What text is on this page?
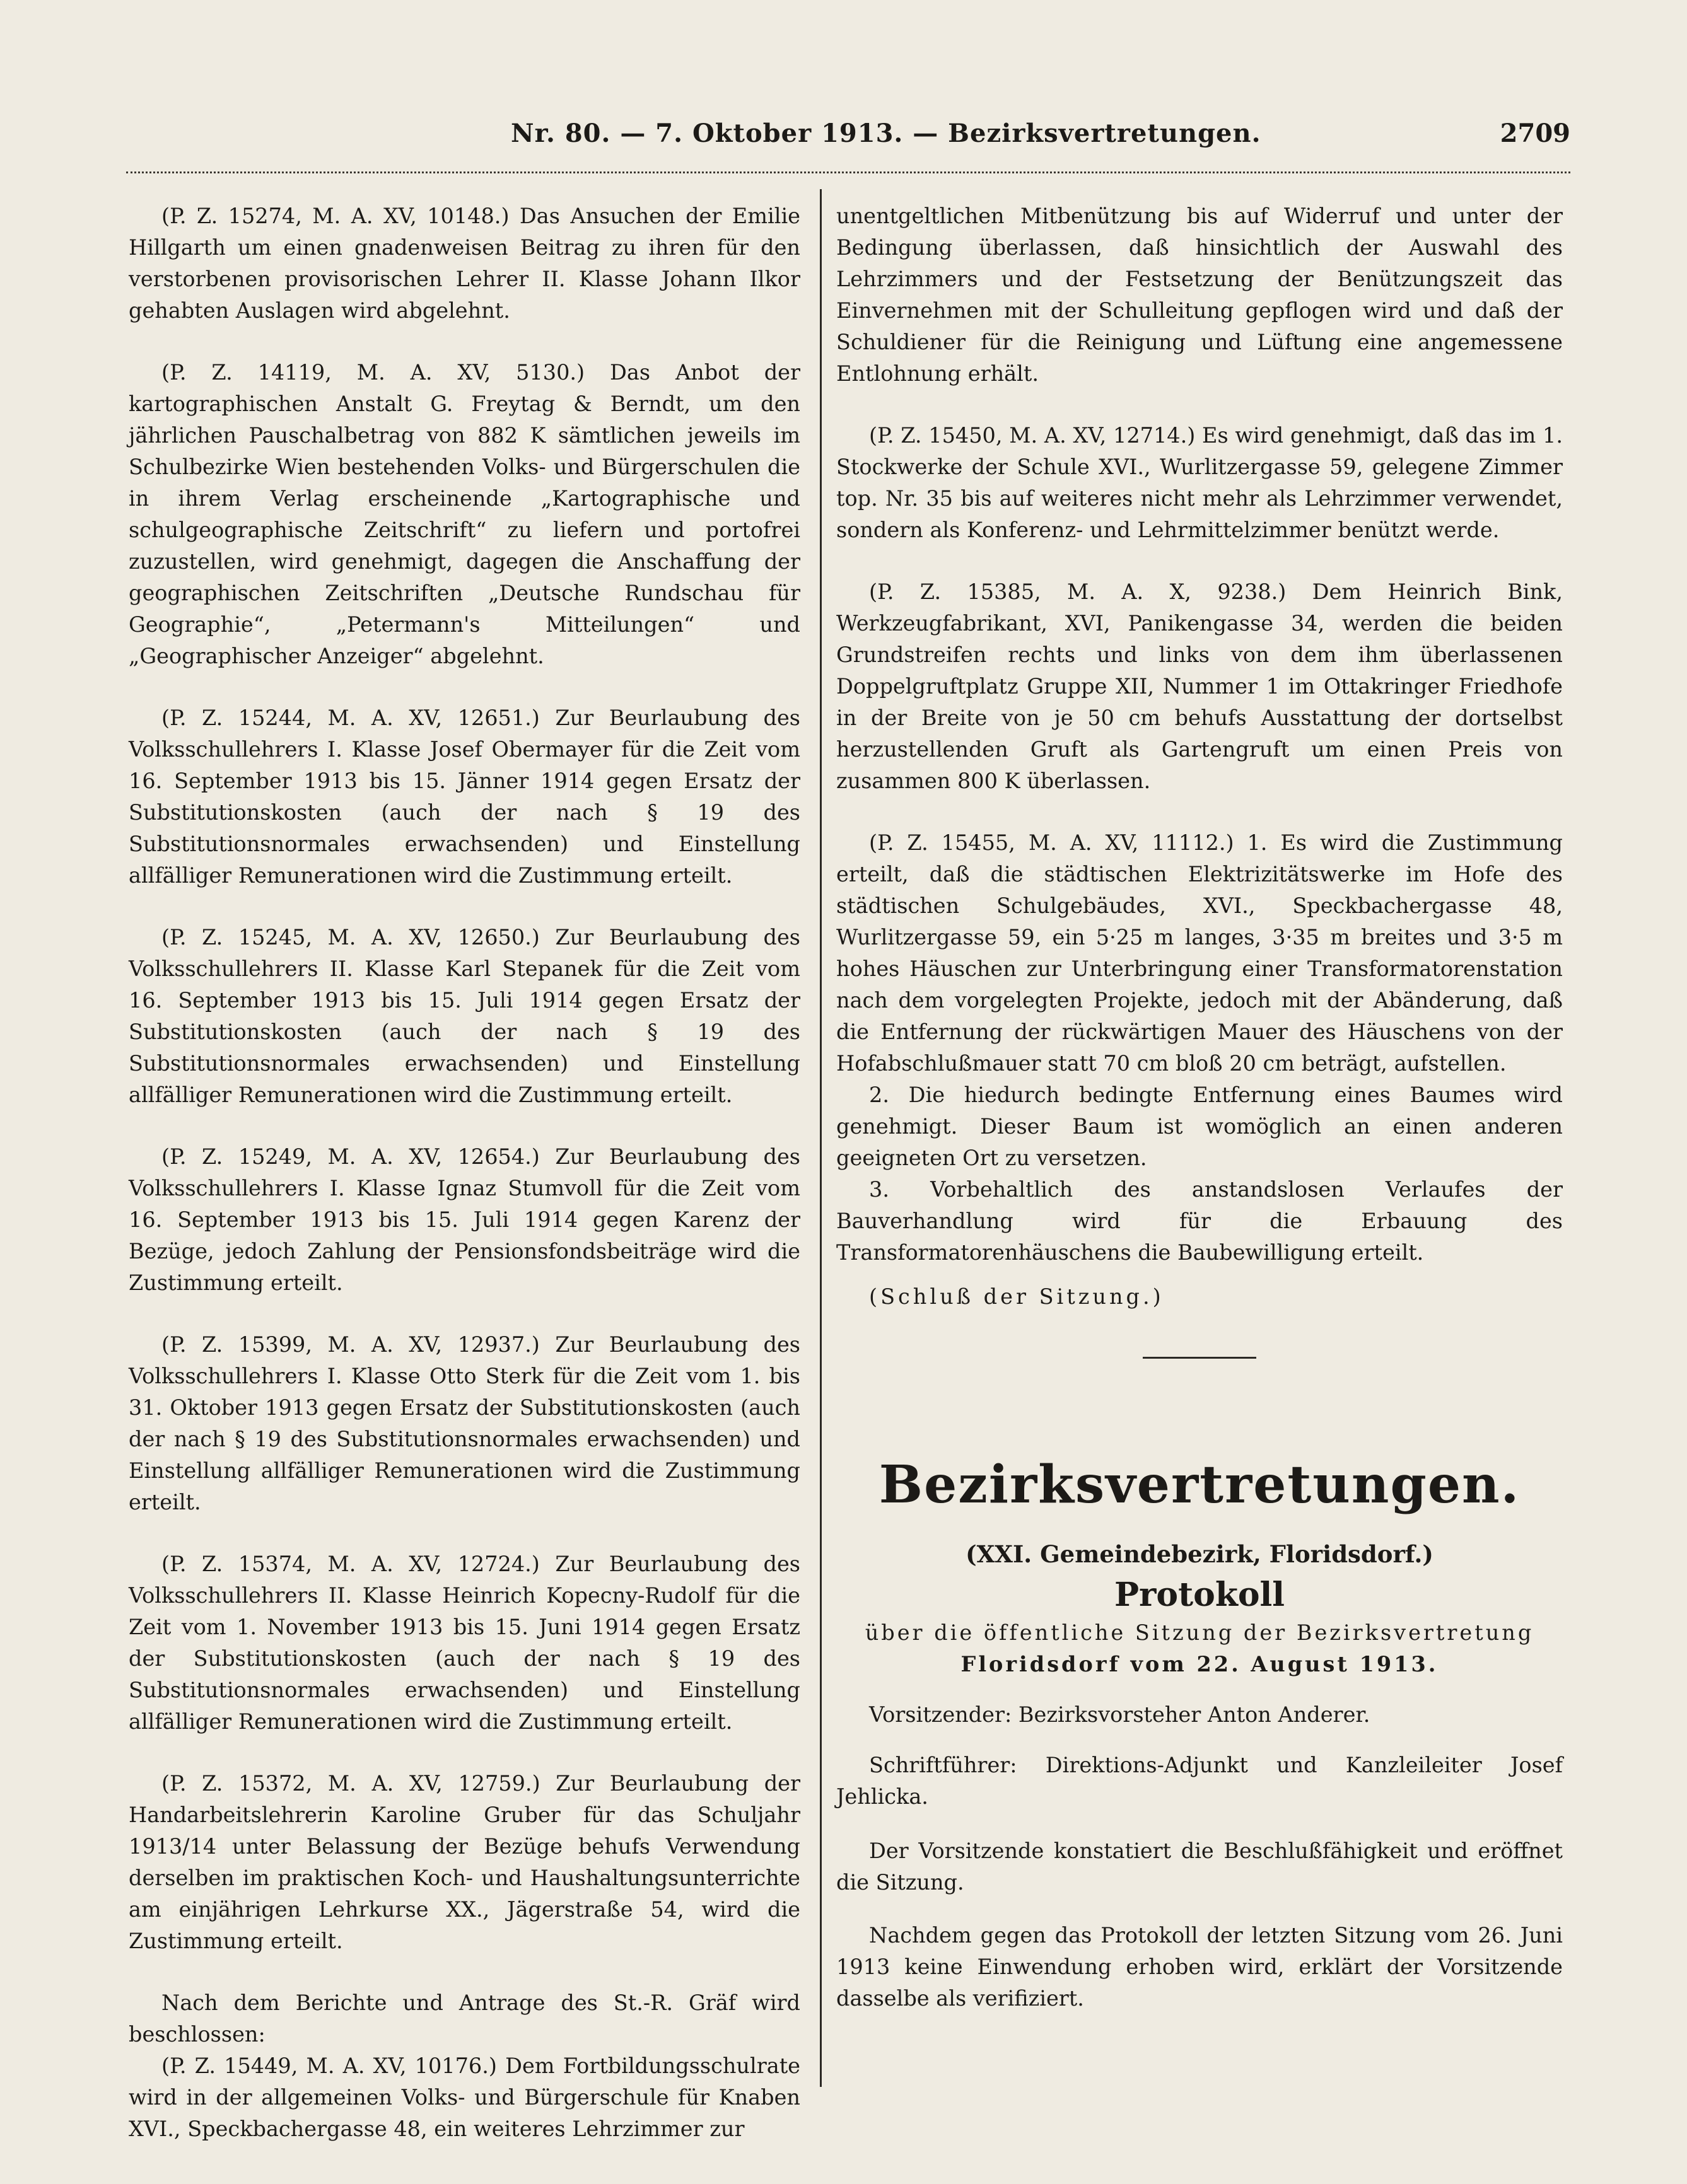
Nr. 80. — 7. Oktober 1913. — Bezirksvertretungen.	2709

(P. Z. 15274, M. A. XV, 10148.) Das Ansuchen der Emilie Hillgarth um einen gnadenweisen Beitrag zu ihren für den verstorbenen provisorischen Lehrer II. Klasse Johann Ilkor gehabten Auslagen wird abgelehnt.

(P. Z. 14119, M. A. XV, 5130.) Das Anbot der kartographischen Anstalt G. Freytag & Berndt, um den jährlichen Pauschalbetrag von 882 K sämtlichen jeweils im Schulbezirke Wien bestehenden Volks- und Bürgerschulen die in ihrem Verlag erscheinende „Kartographische und schulgeographische Zeitschrift“ zu liefern und portofrei zuzustellen, wird genehmigt, dagegen die Anschaffung der geographischen Zeitschriften „Deutsche Rundschau für Geographie“, „Petermann's Mitteilungen“ und „Geographischer Anzeiger“ abgelehnt.

(P. Z. 15244, M. A. XV, 12651.) Zur Beurlaubung des Volksschullehrers I. Klasse Josef Obermayer für die Zeit vom 16. September 1913 bis 15. Jänner 1914 gegen Ersatz der Substitutionskosten (auch der nach § 19 des Substitutionsnormales erwachsenden) und Einstellung allfälliger Remunerationen wird die Zustimmung erteilt.

(P. Z. 15245, M. A. XV, 12650.) Zur Beurlaubung des Volksschullehrers II. Klasse Karl Stepanek für die Zeit vom 16. September 1913 bis 15. Juli 1914 gegen Ersatz der Substitutionskosten (auch der nach § 19 des Substitutionsnormales erwachsenden) und Einstellung allfälliger Remunerationen wird die Zustimmung erteilt.

(P. Z. 15249, M. A. XV, 12654.) Zur Beurlaubung des Volksschullehrers I. Klasse Ignaz Stumvoll für die Zeit vom 16. September 1913 bis 15. Juli 1914 gegen Karenz der Bezüge, jedoch Zahlung der Pensionsfondsbeiträge wird die Zustimmung erteilt.

(P. Z. 15399, M. A. XV, 12937.) Zur Beurlaubung des Volksschullehrers I. Klasse Otto Sterk für die Zeit vom 1. bis 31. Oktober 1913 gegen Ersatz der Substitutionskosten (auch der nach § 19 des Substitutionsnormales erwachsenden) und Einstellung allfälliger Remunerationen wird die Zustimmung erteilt.

(P. Z. 15374, M. A. XV, 12724.) Zur Beurlaubung des Volksschullehrers II. Klasse Heinrich Kopecny-Rudolf für die Zeit vom 1. November 1913 bis 15. Juni 1914 gegen Ersatz der Substitutionskosten (auch der nach § 19 des Substitutionsnormales erwachsenden) und Einstellung allfälliger Remunerationen wird die Zustimmung erteilt.

(P. Z. 15372, M. A. XV, 12759.) Zur Beurlaubung der Handarbeitslehrerin Karoline Gruber für das Schuljahr 1913/14 unter Belassung der Bezüge behufs Verwendung derselben im praktischen Koch- und Haushaltungsunterrichte am einjährigen Lehrkurse XX., Jägerstraße 54, wird die Zustimmung erteilt.

Nach dem Berichte und Antrage des St.-R. Gräf wird beschlossen:

(P. Z. 15449, M. A. XV, 10176.) Dem Fortbildungsschulrate wird in der allgemeinen Volks- und Bürgerschule für Knaben XVI., Speckbachergasse 48, ein weiteres Lehrzimmer zur

unentgeltlichen Mitbenützung bis auf Widerruf und unter der Bedingung überlassen, daß hinsichtlich der Auswahl des Lehrzimmers und der Festsetzung der Benützungszeit das Einvernehmen mit der Schulleitung gepflogen wird und daß der Schuldiener für die Reinigung und Lüftung eine angemessene Entlohnung erhält.

(P. Z. 15450, M. A. XV, 12714.) Es wird genehmigt, daß das im 1. Stockwerke der Schule XVI., Wurlitzergasse 59, gelegene Zimmer top. Nr. 35 bis auf weiteres nicht mehr als Lehrzimmer verwendet, sondern als Konferenz- und Lehrmittelzimmer benützt werde.

(P. Z. 15385, M. A. X, 9238.) Dem Heinrich Bink, Werkzeugfabrikant, XVI, Panikengasse 34, werden die beiden Grundstreifen rechts und links von dem ihm überlassenen Doppelgruftplatz Gruppe XII, Nummer 1 im Ottakringer Friedhofe in der Breite von je 50 cm behufs Ausstattung der dortselbst herzustellenden Gruft als Gartengruft um einen Preis von zusammen 800 K überlassen.

(P. Z. 15455, M. A. XV, 11112.) 1. Es wird die Zustimmung erteilt, daß die städtischen Elektrizitätswerke im Hofe des städtischen Schulgebäudes, XVI., Speckbachergasse 48, Wurlitzergasse 59, ein 5·25 m langes, 3·35 m breites und 3·5 m hohes Häuschen zur Unterbringung einer Transformatorenstation nach dem vorgelegten Projekte, jedoch mit der Abänderung, daß die Entfernung der rückwärtigen Mauer des Häuschens von der Hofabschlußmauer statt 70 cm bloß 20 cm beträgt, aufstellen.

2. Die hiedurch bedingte Entfernung eines Baumes wird genehmigt. Dieser Baum ist womöglich an einen anderen geeigneten Ort zu versetzen.

3. Vorbehaltlich des anstandslosen Verlaufes der Bauverhandlung wird für die Erbauung des Transformatorenhäuschens die Baubewilligung erteilt.

(Schluß der Sitzung.)

Bezirksvertretungen.

(XXI. Gemeindebezirk, Floridsdorf.)

Protokoll

über die öffentliche Sitzung der Bezirksvertretung

Floridsdorf vom 22. August 1913.

Vorsitzender: Bezirksvorsteher Anton Anderer.

Schriftführer: Direktions-Adjunkt und Kanzleileiter Josef Jehlicka.

Der Vorsitzende konstatiert die Beschlußfähigkeit und eröffnet die Sitzung.

Nachdem gegen das Protokoll der letzten Sitzung vom 26. Juni 1913 keine Einwendung erhoben wird, erklärt der Vorsitzende dasselbe als verifiziert.
